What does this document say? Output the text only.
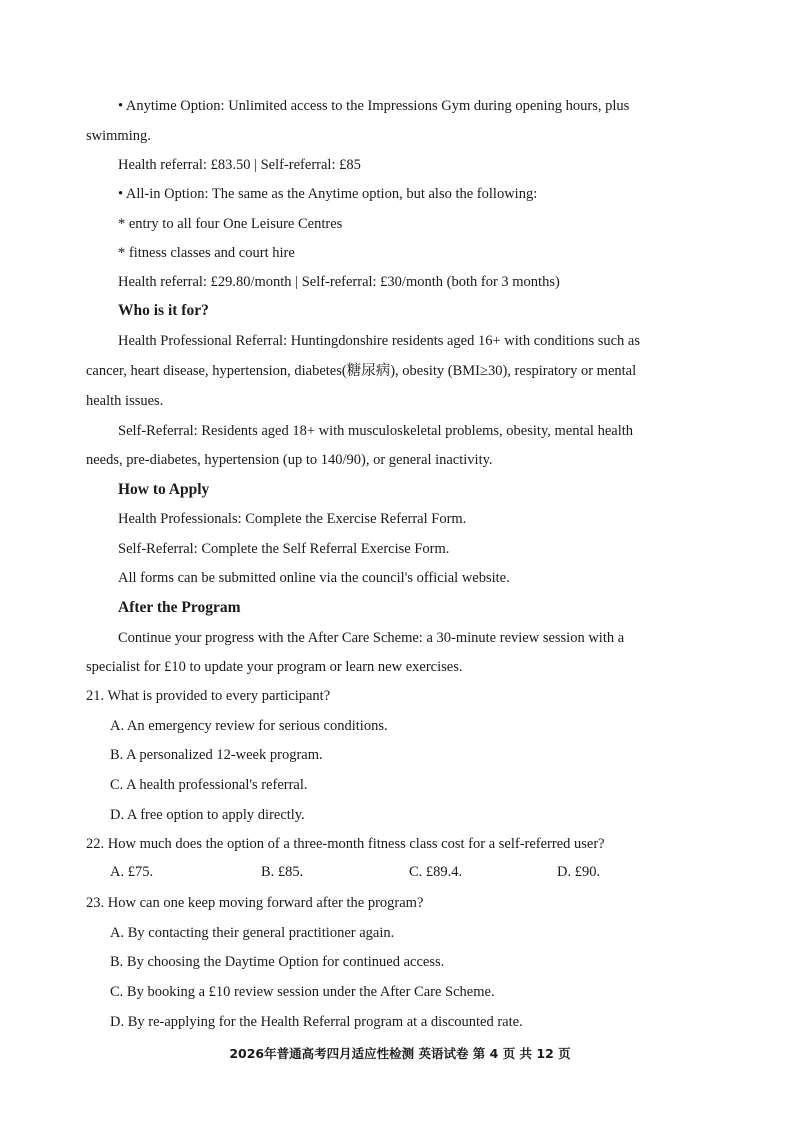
• Anytime Option: Unlimited access to the Impressions Gym during opening hours, plus
swimming.
Health referral: £83.50 | Self-referral: £85
• All-in Option: The same as the Anytime option, but also the following:
* entry to all four One Leisure Centres
* fitness classes and court hire
Health referral: £29.80/month | Self-referral: £30/month (both for 3 months)
Who is it for?
Health Professional Referral: Huntingdonshire residents aged 16+ with conditions such as
cancer, heart disease, hypertension, diabetes(糖尿病), obesity (BMI≥30), respiratory or mental
health issues.
Self-Referral: Residents aged 18+ with musculoskeletal problems, obesity, mental health
needs, pre-diabetes, hypertension (up to 140/90), or general inactivity.
How to Apply
Health Professionals: Complete the Exercise Referral Form.
Self-Referral: Complete the Self Referral Exercise Form.
All forms can be submitted online via the council's official website.
After the Program
Continue your progress with the After Care Scheme: a 30-minute review session with a
specialist for £10 to update your program or learn new exercises.
21. What is provided to every participant?
A. An emergency review for serious conditions.
B. A personalized 12-week program.
C. A health professional's referral.
D. A free option to apply directly.
22. How much does the option of a three-month fitness class cost for a self-referred user?
A. £75.	B. £85.	C. £89.4.	D. £90.
23. How can one keep moving forward after the program?
A. By contacting their general practitioner again.
B. By choosing the Daytime Option for continued access.
C. By booking a £10 review session under the After Care Scheme.
D. By re-applying for the Health Referral program at a discounted rate.
2026年普通高考四月适应性检测 英语试卷 第 4 页 共 12 页
